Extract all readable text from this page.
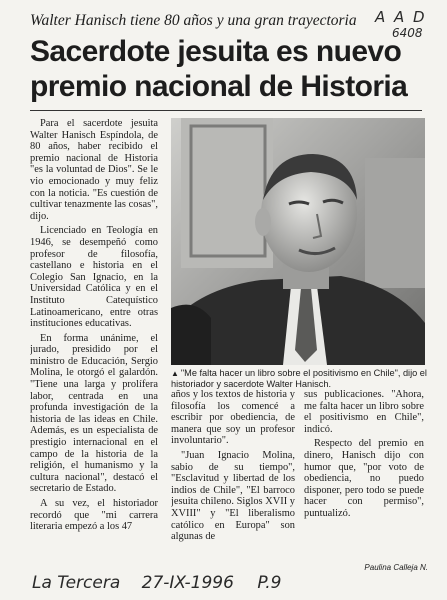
A A D
6408
Walter Hanisch tiene 80 años y una gran trayectoria
Sacerdote jesuita es nuevo
premio nacional de Historia

Para el sacerdote jesuita Walter Hanisch Espíndola, de 80 años, haber recibido el premio nacional de Historia "es la voluntad de Dios". Se le vio emocionado y muy feliz con la noticia. "Es cuestión de cultivar tenazmente las cosas", dijo.

Licenciado en Teología en 1946, se desempeñó como profesor de filosofía, castellano e historia en el Colegio San Ignacio, en la Universidad Católica y en el Instituto Catequístico Latinoamericano, entre otras instituciones educativas.

En forma unánime, el jurado, presidido por el ministro de Educación, Sergio Molina, le otorgó el galardón. "Tiene una larga y prolífera labor, centrada en una profunda investigación de la historia de las ideas en Chile. Además, es un especialista de prestigio internacional en el campo de la historia de la religión, el humanismo y la cultura nacional", destacó el secretario de Estado.

A su vez, el historiador recordó que "mi carrera literaria empezó a los 47

▲ "Me falta hacer un libro sobre el positivismo en Chile", dijo el historiador y sacerdote Walter Hanisch.

años y los textos de historia y filosofía los comencé a escribir por obediencia, de manera que soy un profesor involuntario".

"Juan Ignacio Molina, sabio de su tiempo", "Esclavitud y libertad de los indios de Chile", "El barroco jesuita chileno. Siglos XVII y XVIII" y "El liberalismo católico en Europa" son algunas de

sus publicaciones. "Ahora, me falta hacer un libro sobre el positivismo en Chile", indicó.

Respecto del premio en dinero, Hanisch dijo con humor que, "por voto de obediencia, no puedo disponer, pero todo se puede hacer con permiso", puntualizó.

Paulina Calleja N.
La Tercera 27-IX-1996 P.9
